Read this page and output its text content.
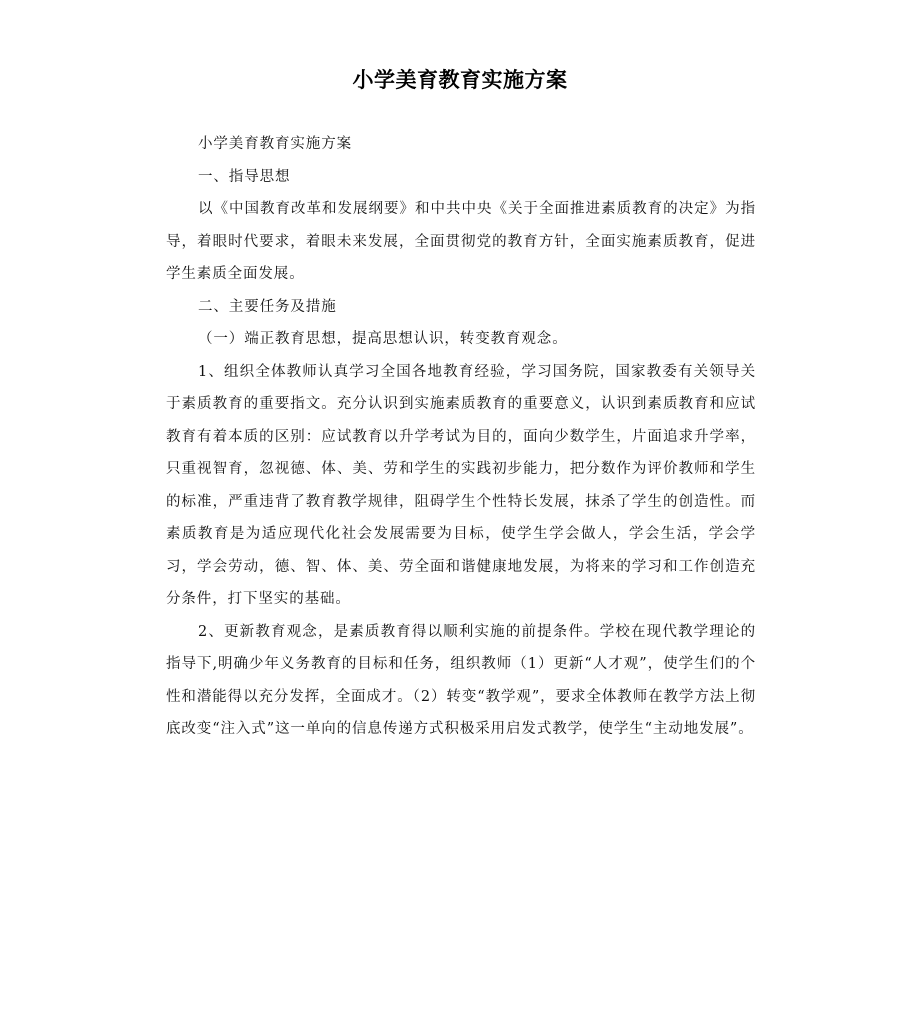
小学美育教育实施方案

小学美育教育实施方案

一、指导思想

以《中国教育改革和发展纲要》和中共中央《关于全面推进素质教育的决定》为指导，着眼时代要求，着眼未来发展，全面贯彻党的教育方针，全面实施素质教育，促进学生素质全面发展。

二、主要任务及措施

（一）端正教育思想，提高思想认识，转变教育观念。

1、组织全体教师认真学习全国各地教育经验，学习国务院，国家教委有关领导关于素质教育的重要指文。充分认识到实施素质教育的重要意义，认识到素质教育和应试教育有着本质的区别：应试教育以升学考试为目的，面向少数学生，片面追求升学率，只重视智育，忽视德、体、美、劳和学生的实践初步能力，把分数作为评价教师和学生的标准，严重违背了教育教学规律，阻碍学生个性特长发展，抹杀了学生的创造性。而素质教育是为适应现代化社会发展需要为目标，使学生学会做人，学会生活，学会学习，学会劳动，德、智、体、美、劳全面和谐健康地发展，为将来的学习和工作创造充分条件，打下坚实的基础。

2、更新教育观念，是素质教育得以顺利实施的前提条件。学校在现代教学理论的指导下,明确少年义务教育的目标和任务，组织教师（1）更新“人才观”，使学生们的个性和潜能得以充分发挥，全面成才。（2）转变“教学观”，要求全体教师在教学方法上彻底改变“注入式”这一单向的信息传递方式积极采用启发式教学，使学生“主动地发展”。
